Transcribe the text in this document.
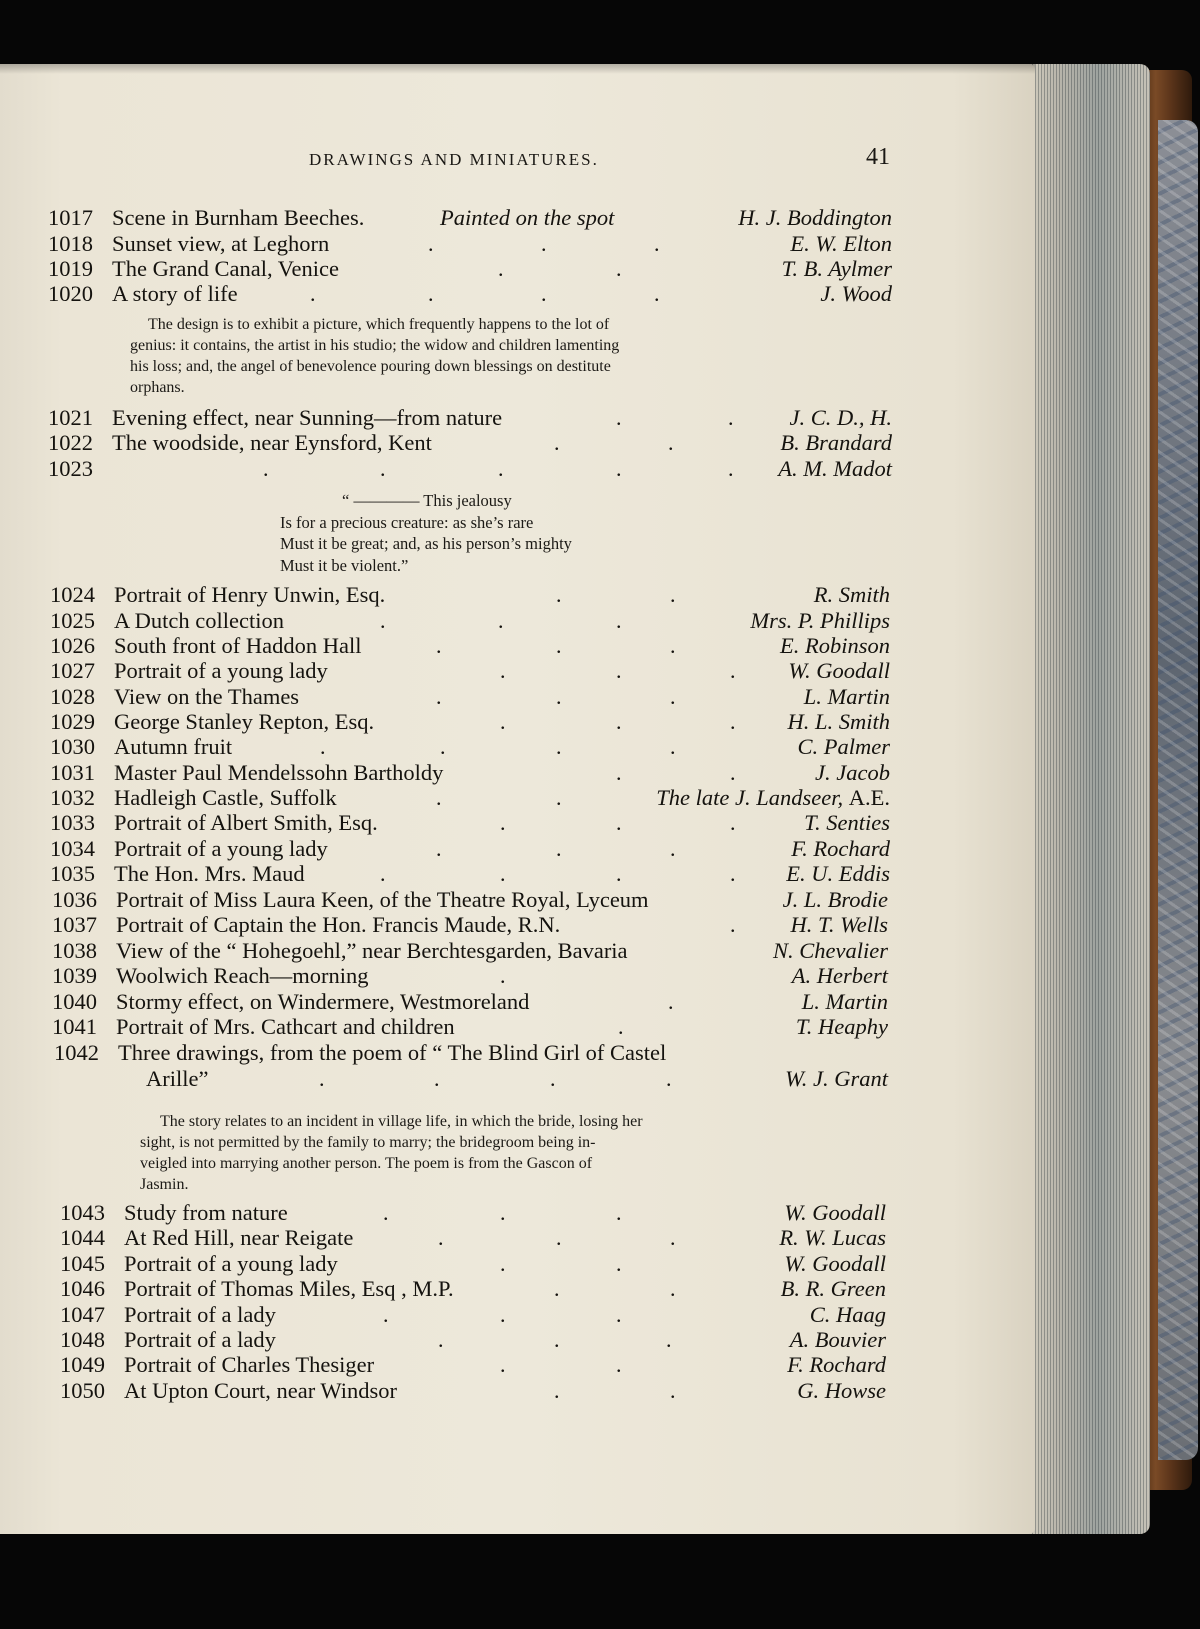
DRAWINGS AND MINIATURES.	41
1017 Scene in Burnham Beeches.	Painted on the spot	H. J. Boddington
1018 Sunset view, at Leghorn	.	.	.	E. W. Elton
1019 The Grand Canal, Venice	.	.	T. B. Aylmer
1020 A story of life	.	.	.	.	J. Wood
The design is to exhibit a picture, which frequently happens to the lot of
genius: it contains, the artist in his studio; the widow and children lamenting
his loss; and, the angel of benevolence pouring down blessings on destitute
orphans.
1021 Evening effect, near Sunning—from nature	.	. J. C. D., H.
1022 The woodside, near Eynsford, Kent	.	.	B. Brandard
1023	.	.	.	.	. A. M. Madot
“ ———— This jealousy
Is for a precious creature: as she’s rare
Must it be great; and, as his person’s mighty
Must it be violent.”
1024 Portrait of Henry Unwin, Esq.	.	.	R. Smith
1025 A Dutch collection	.	.	.	Mrs. P. Phillips
1026 South front of Haddon Hall	.	.	.	E. Robinson
1027 Portrait of a young lady	.	.	. W. Goodall
1028 View on the Thames	.	.	.	L. Martin
1029 George Stanley Repton, Esq.	.	.	. H. L. Smith
1030 Autumn fruit	.	.	.	.	C. Palmer
1031 Master Paul Mendelssohn Bartholdy	.	.	J. Jacob
1032 Hadleigh Castle, Suffolk	.	.	The late J. Landseer, A.E.
1033 Portrait of Albert Smith, Esq.	.	.	.	T. Senties
1034 Portrait of a young lady	.	.	.	F. Rochard
1035 The Hon. Mrs. Maud	.	.	.	. E. U. Eddis
1036 Portrait of Miss Laura Keen, of the Theatre Royal, Lyceum	J. L. Brodie
1037 Portrait of Captain the Hon. Francis Maude, R.N.	. H. T. Wells
1038 View of the “ Hohegoehl,” near Berchtesgarden, Bavaria	N. Chevalier
1039 Woolwich Reach—morning	.	A. Herbert
1040 Stormy effect, on Windermere, Westmoreland	.	L. Martin
1041 Portrait of Mrs. Cathcart and children	.	T. Heaphy
1042 Three drawings, from the poem of “ The Blind Girl of Castel
Arille”	.	.	.	.	W. J. Grant
The story relates to an incident in village life, in which the bride, losing her
sight, is not permitted by the family to marry; the bridegroom being in-
veigled into marrying another person. The poem is from the Gascon of
Jasmin.
1043 Study from nature	.	.	.	W. Goodall
1044 At Red Hill, near Reigate	.	.	.	R. W. Lucas
1045 Portrait of a young lady	.	.	W. Goodall
1046 Portrait of Thomas Miles, Esq , M.P.	.	.	B. R. Green
1047 Portrait of a lady	.	.	.	C. Haag
1048 Portrait of a lady	.	.	.	A. Bouvier
1049 Portrait of Charles Thesiger	.	.	F. Rochard
1050 At Upton Court, near Windsor	.	.	G. Howse
